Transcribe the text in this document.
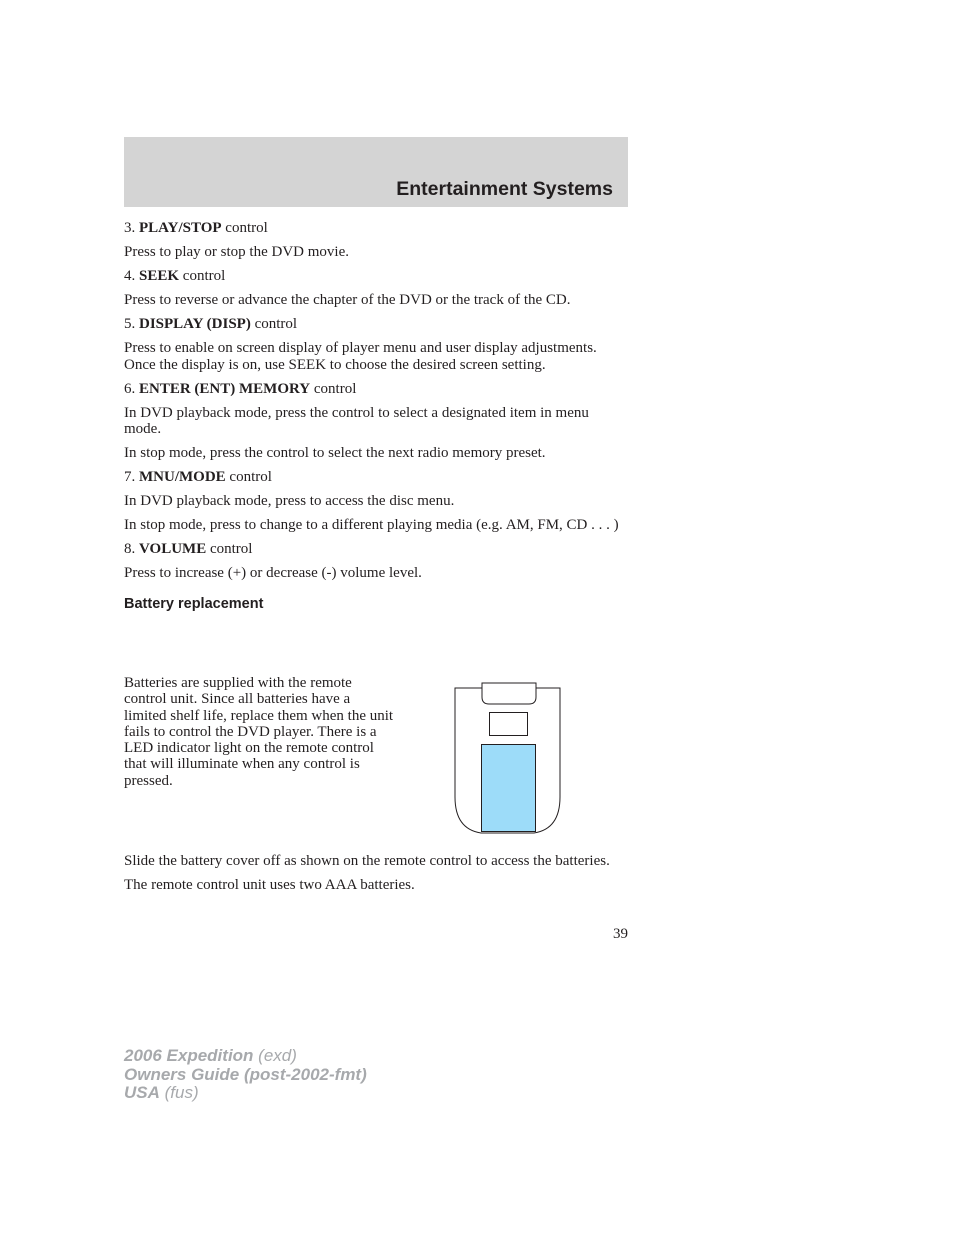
Entertainment Systems

3. PLAY/STOP control

Press to play or stop the DVD movie.

4. SEEK control

Press to reverse or advance the chapter of the DVD or the track of the CD.

5. DISPLAY (DISP) control

Press to enable on screen display of player menu and user display adjustments. Once the display is on, use SEEK to choose the desired screen setting.

6. ENTER (ENT) MEMORY control

In DVD playback mode, press the control to select a designated item in menu mode.

In stop mode, press the control to select the next radio memory preset.

7. MNU/MODE control

In DVD playback mode, press to access the disc menu.

In stop mode, press to change to a different playing media (e.g. AM, FM, CD . . . )

8. VOLUME control

Press to increase (+) or decrease (-) volume level.

Battery replacement
Batteries are supplied with the remote control unit. Since all batteries have a limited shelf life, replace them when the unit fails to control the DVD player. There is a LED indicator light on the remote control that will illuminate when any control is pressed.

Slide the battery cover off as shown on the remote control to access the batteries.

The remote control unit uses two AAA batteries.

39
2006 Expedition (exd)
Owners Guide (post-2002-fmt)
USA (fus)
